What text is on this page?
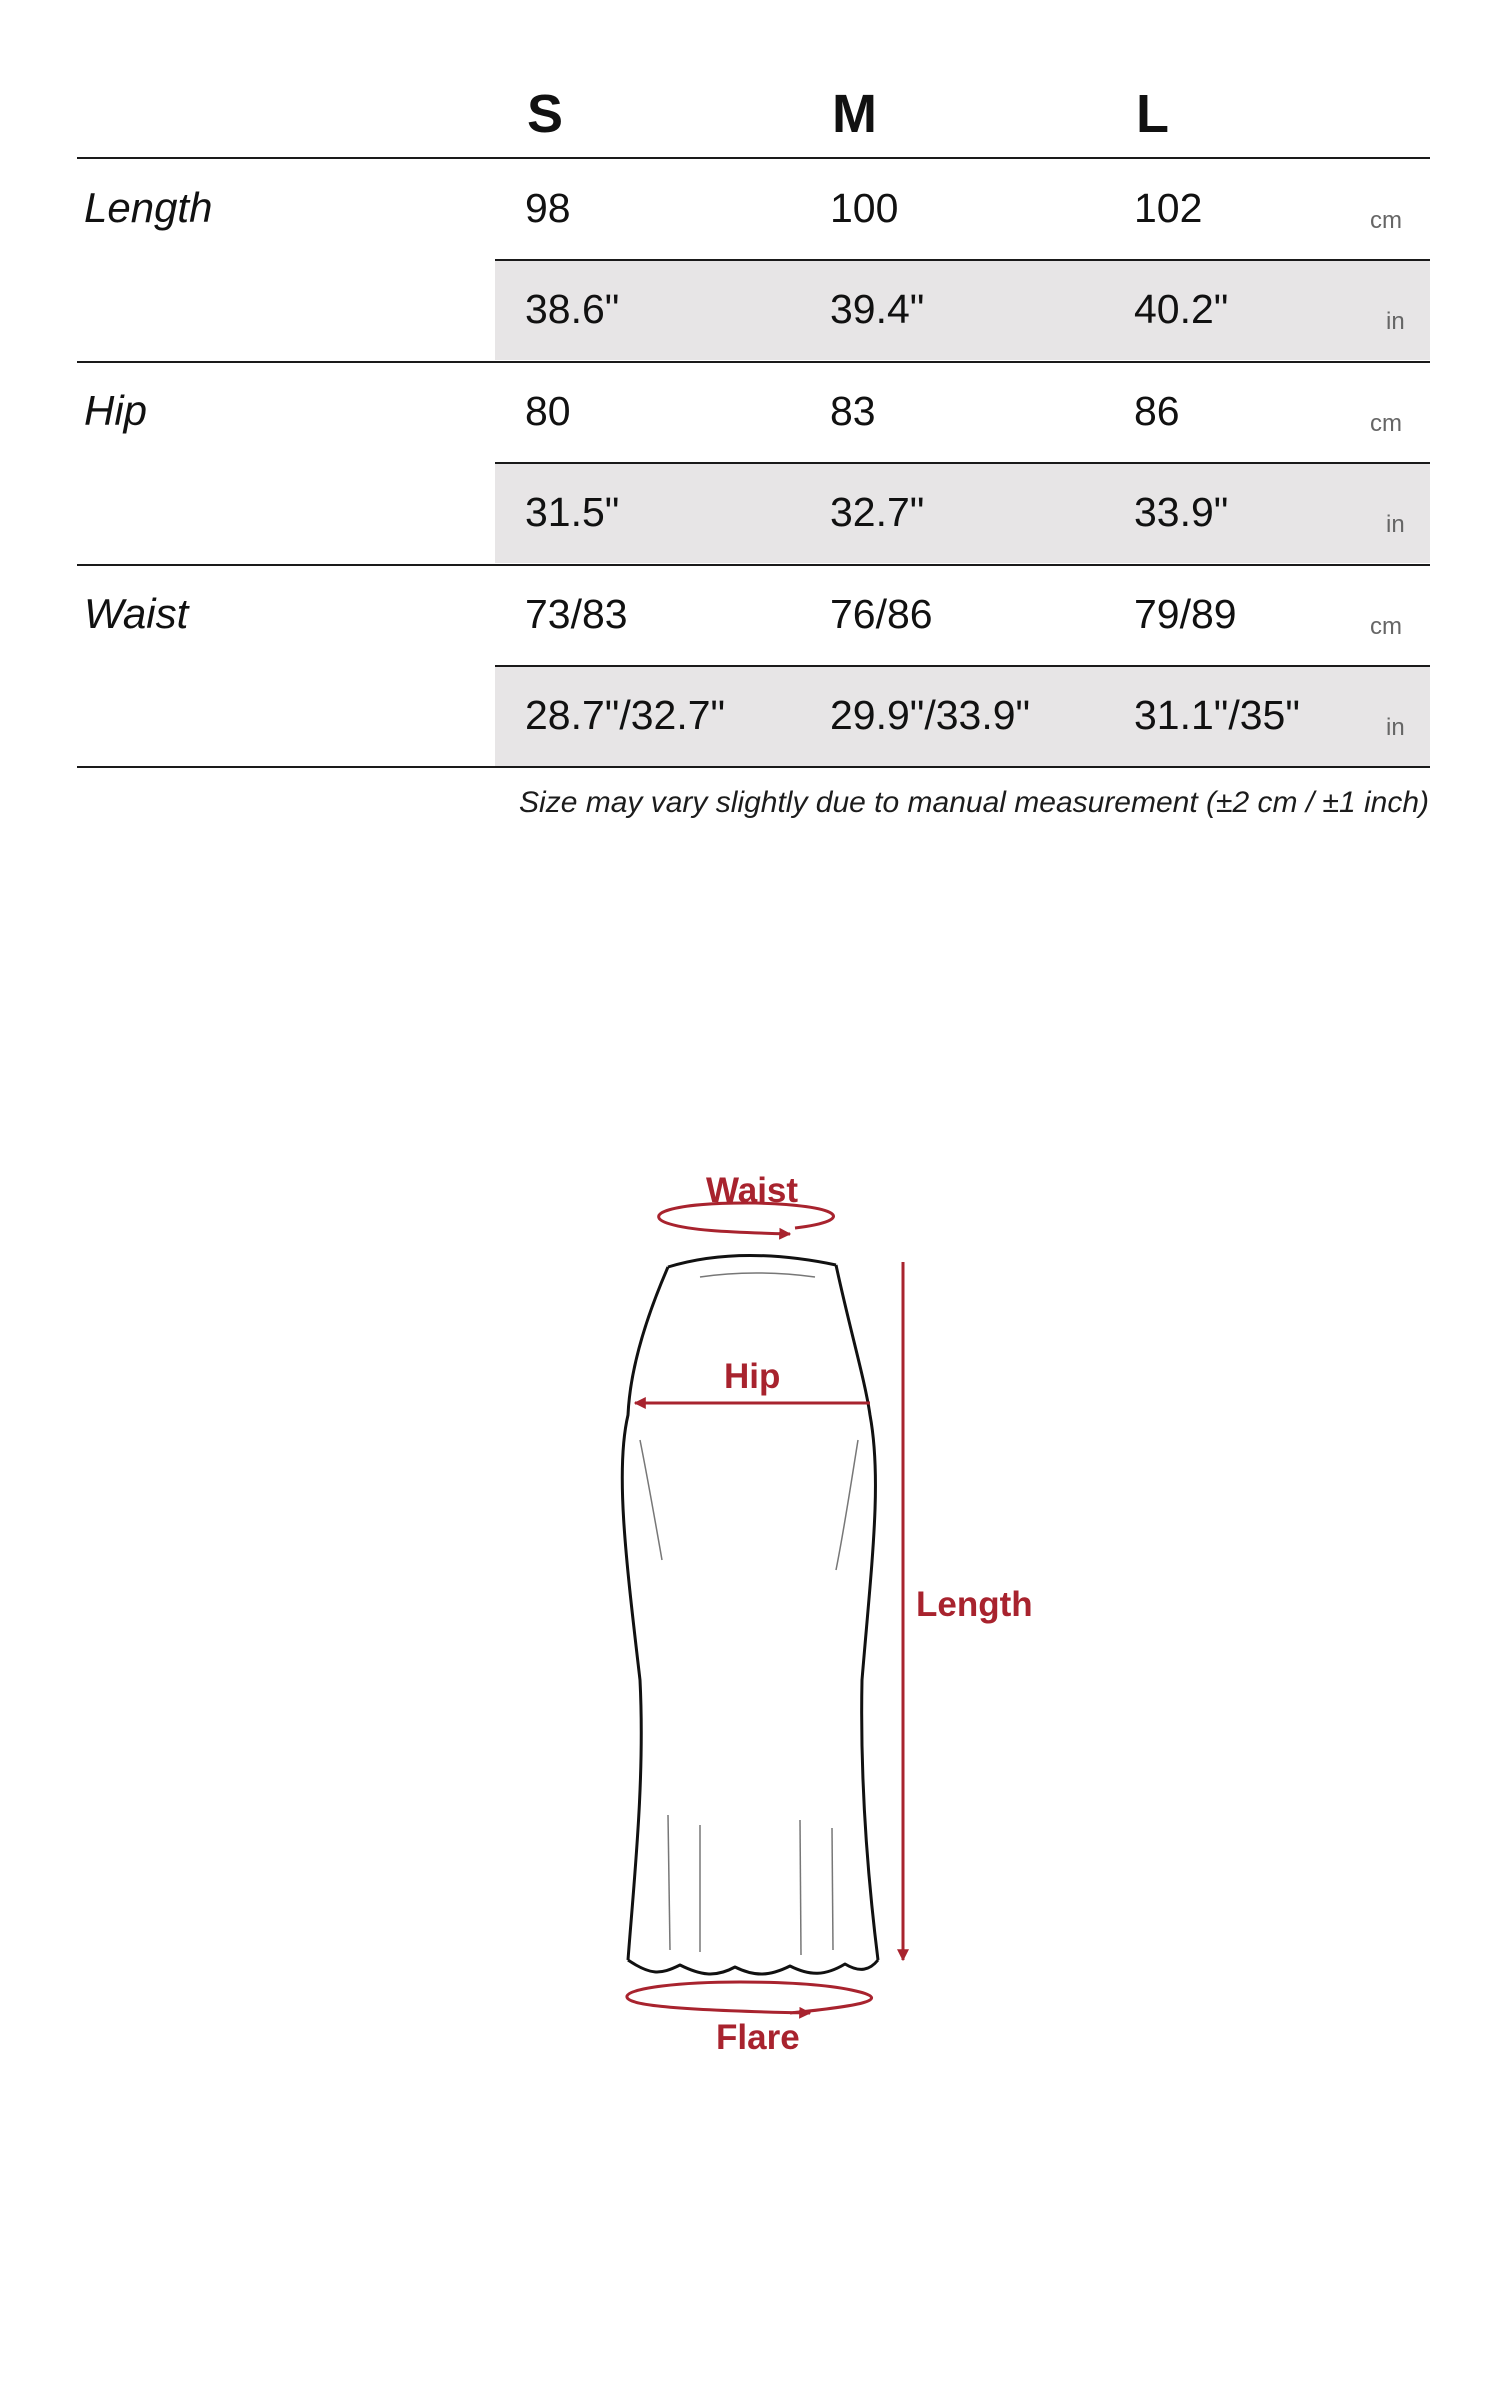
S	M	L
Length	98	100	102	cm
38.6"	39.4"	40.2"	in
Hip	80	83	86	cm
31.5"	32.7"	33.9"	in
Waist	73/83	76/86	79/89	cm
28.7"/32.7"	29.9"/33.9"	31.1"/35"	in
Size may vary slightly due to manual measurement (±2 cm / ±1 inch)
Waist
Hip
Length
Flare
